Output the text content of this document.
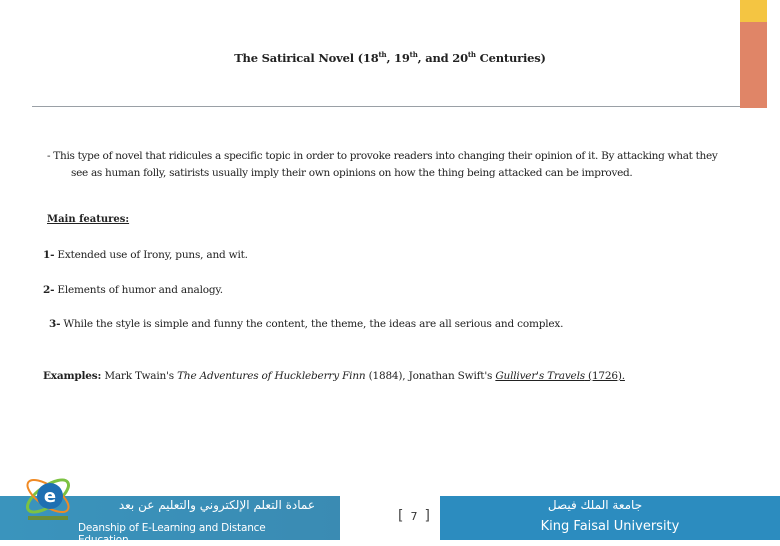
The Satirical Novel (18th, 19th, and 20th Centuries)
- This type of novel that ridicules a specific topic in order to provoke readers into changing their opinion of it. By attacking what they
see as human folly, satirists usually imply their own opinions on how the thing being attacked can be improved.
Main features:
1- Extended use of Irony, puns, and wit.
2- Elements of humor and analogy.
3- While the style is simple and funny the content, the theme, the ideas are all serious and complex.
Examples: Mark Twain's The Adventures of Huckleberry Finn (1884), Jonathan Swift's Gulliver's Travels (1726).
e	عمادة التعلم الإلكتروني والتعليم عن بعد
Deanship of E-Learning and Distance Education
[ 7 ]
جامعة الملك فيصل
King Faisal University
